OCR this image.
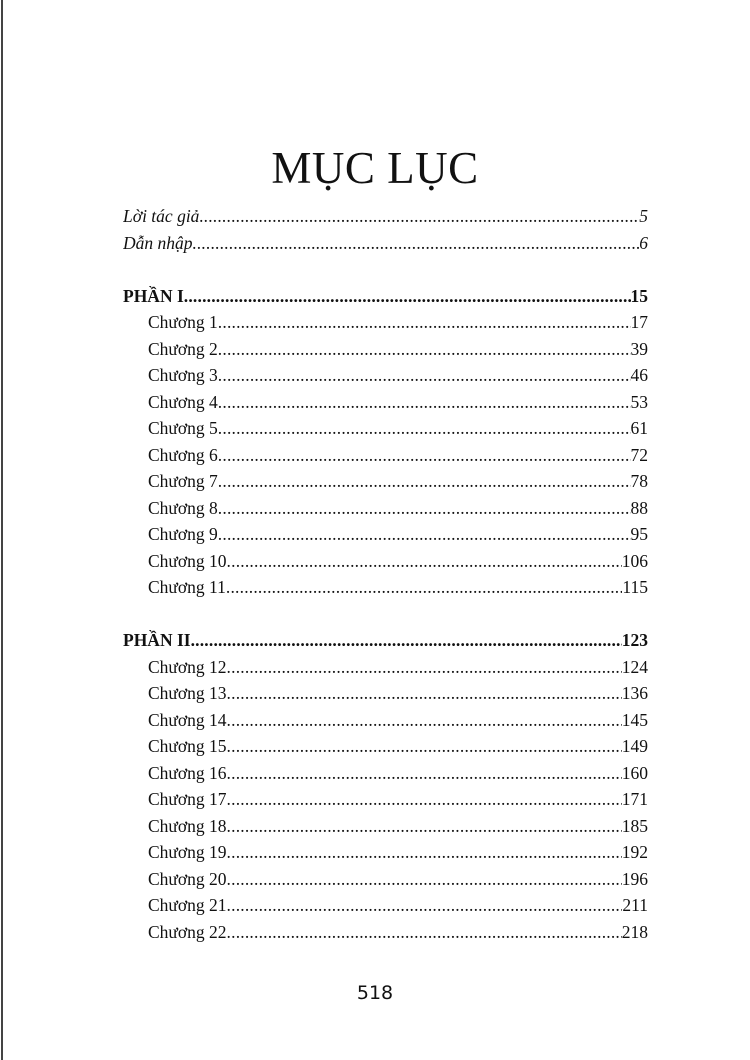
MỤC LỤC
Lời tác giả .....	5
Dẫn nhập .....	6
PHẦN I .....	15
Chương 1 .....	17
Chương 2 .....	39
Chương 3 .....	46
Chương 4 .....	53
Chương 5 .....	61
Chương 6 .....	72
Chương 7 .....	78
Chương 8 .....	88
Chương 9 .....	95
Chương 10 .....	106
Chương 11 .....	115
PHẦN II .....	123
Chương 12 .....	124
Chương 13 .....	136
Chương 14 .....	145
Chương 15 .....	149
Chương 16 .....	160
Chương 17 .....	171
Chương 18 .....	185
Chương 19 .....	192
Chương 20 .....	196
Chương 21 .....	211
Chương 22 .....	218
518
